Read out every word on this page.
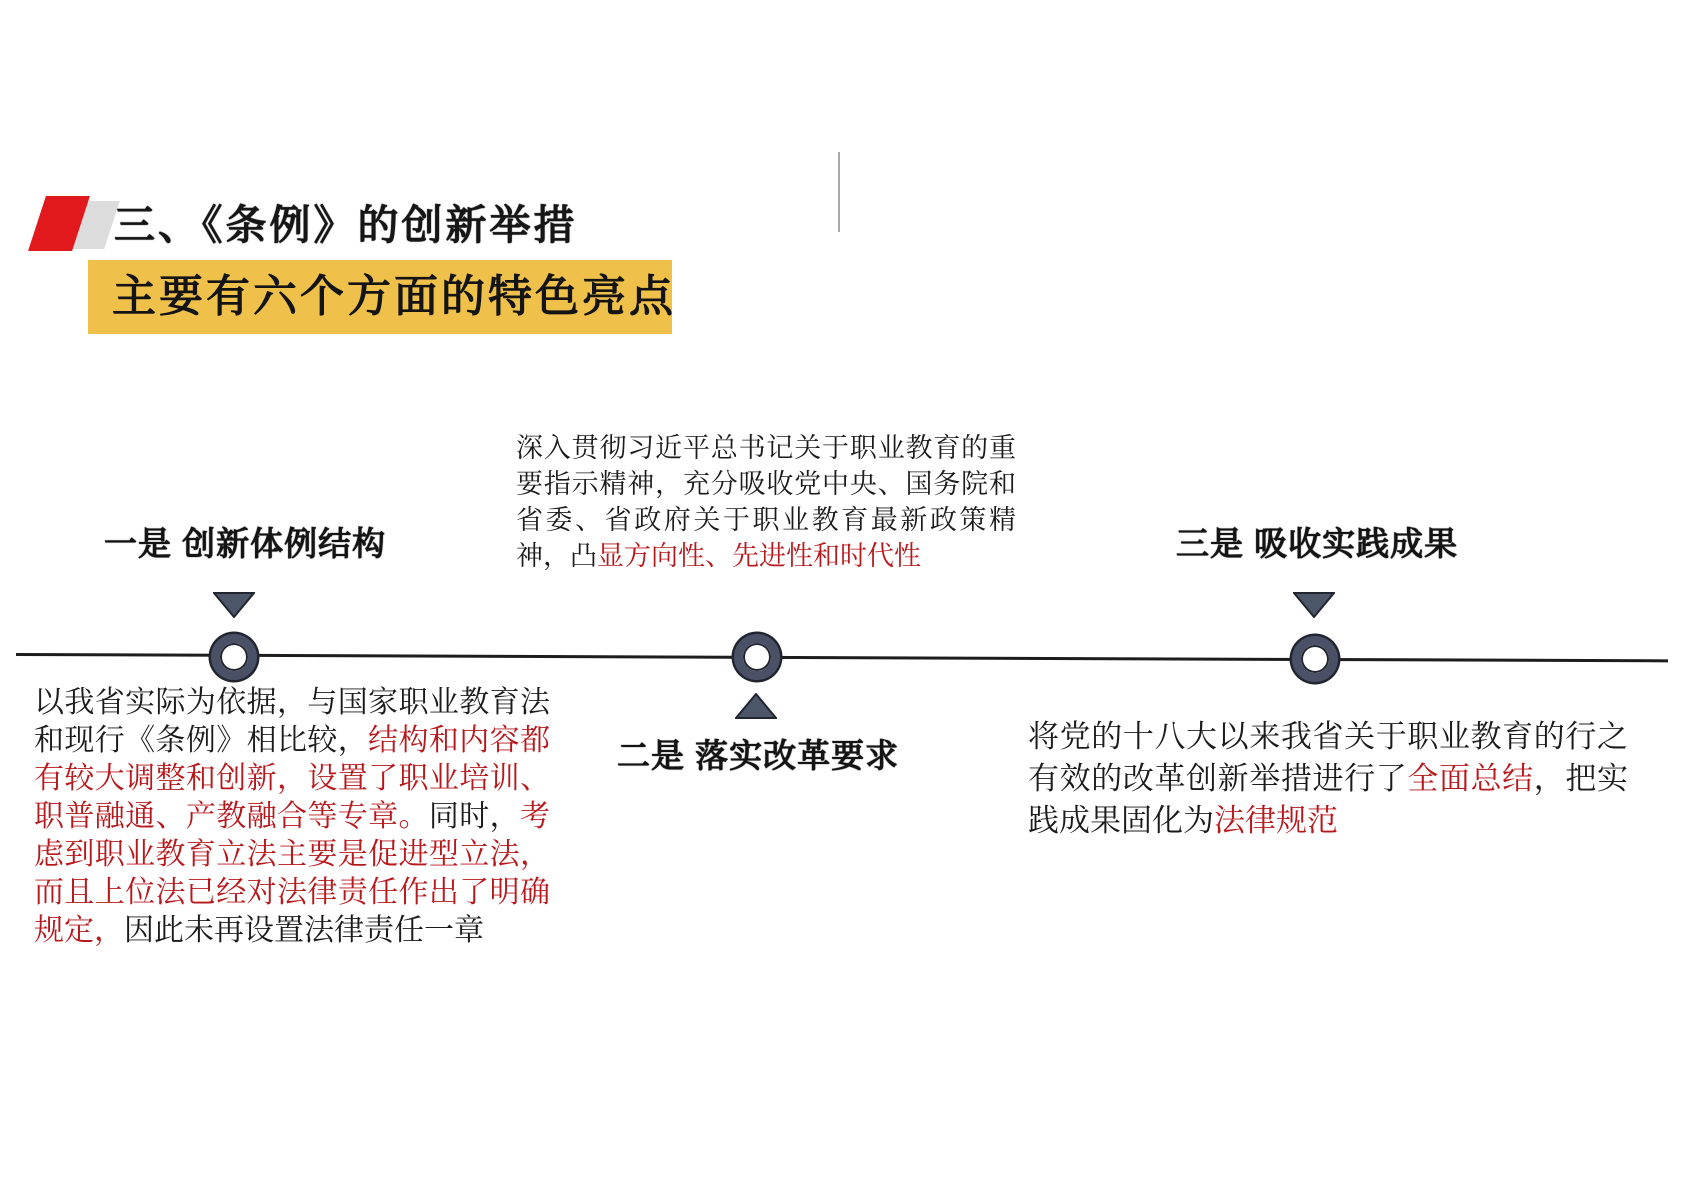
三、《条例》的创新举措
主要有六个方面的特色亮点
深入贯彻习近平总书记关于职业教育的重要指示精神，充分吸收党中央、国务院和省委、省政府关于职业教育最新政策精神，凸显方向性、先进性和时代性
一是 创新体例结构	三是 吸收实践成果
二是 落实改革要求
以我省实际为依据，与国家职业教育法和现行《条例》相比较，结构和内容都有较大调整和创新，设置了职业培训、职普融通、产教融合等专章。同时，考虑到职业教育立法主要是促进型立法，而且上位法已经对法律责任作出了明确规定，因此未再设置法律责任一章
将党的十八大以来我省关于职业教育的行之有效的改革创新举措进行了全面总结，把实践成果固化为法律规范
